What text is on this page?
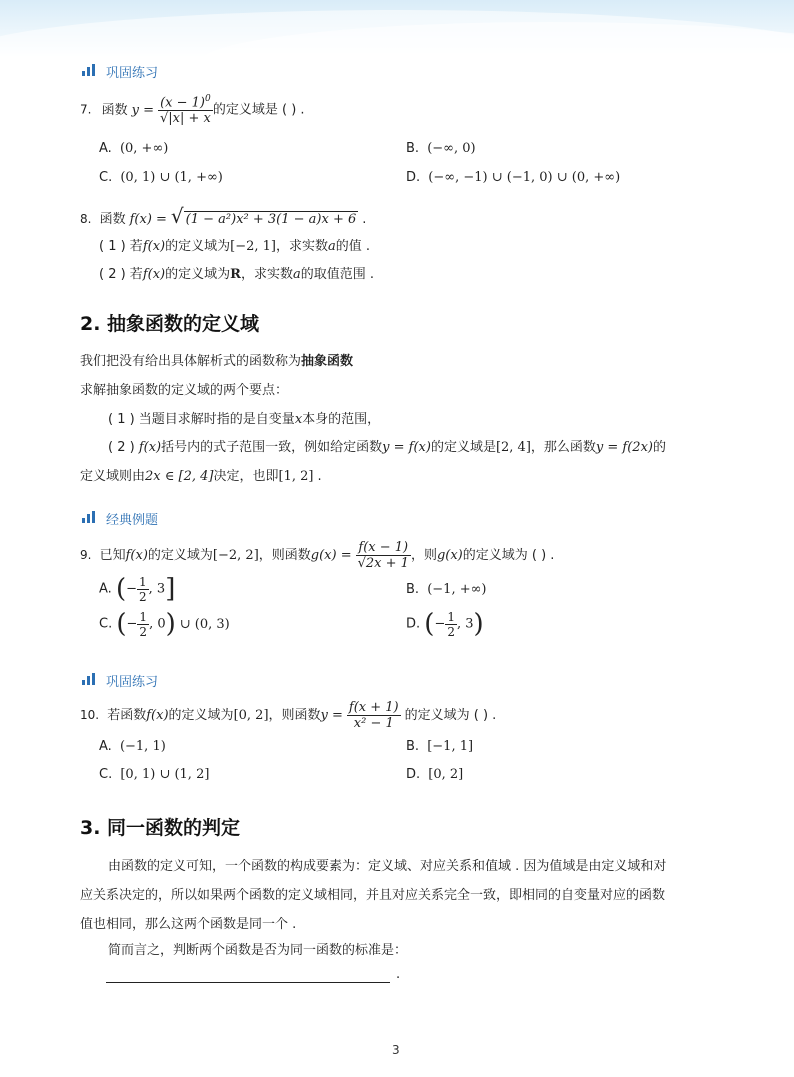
巩固练习
7. 函数 $y = \frac{(x - 1)^0}{√|x| + x}$ 的定义域是 ( ) .
A. (0, +∞)	B. (−∞, 0)
C. (0, 1) ∪ (1, +∞)	D. (−∞, −1) ∪ (−1, 0) ∪ (0, +∞)
8. 函数 f(x) = √ (1 − a²)x² + 3(1 − a)x + 6 .
( 1 ) 若f(x)的定义域为[−2, 1]，求实数a的值 .
( 2 ) 若f(x)的定义域为R，求实数a的取值范围 .
2. 抽象函数的定义域
我们把没有给出具体解析式的函数称为抽象函数
求解抽象函数的定义域的两个要点：
( 1 ) 当题目求解时指的是自变量x本身的范围，
( 2 ) f(x)括号内的式子范围一致，例如给定函数y = f(x)的定义域是[2, 4]，那么函数y = f(2x)的
定义域则由2x ∈ [2, 4]决定，也即[1, 2] .
经典例题
9. 已知f(x)的定义域为[−2, 2]，则函数$g(x) = \frac{f(x - 1)}{√2x + 1}$ ，则g(x)的定义域为 ( ) .
A. (− $\frac{1}{2}$ , 3]	B. (−1, +∞)
C. (− $\frac{1}{2}$ , 0) ∪ (0, 3)	D. (− $\frac{1}{2}$ , 3)
巩固练习
10. 若函数f(x)的定义域为[0, 2]，则函数$y = \frac{f(x + 1)}{\text{x² − 1}}$ 的定义域为 ( ) .
A. (−1, 1)	B. [−1, 1]
C. [0, 1) ∪ (1, 2]	D. [0, 2]
3. 同一函数的判定
由函数的定义可知，一个函数的构成要素为：定义域、对应关系和值域 . 因为值域是由定义域和对
应关系决定的，所以如果两个函数的定义域相同，并且对应关系完全一致，即相同的自变量对应的函数
值也相同，那么这两个函数是同一个 .
简而言之，判断两个函数是否为同一函数的标准是：
.
3
